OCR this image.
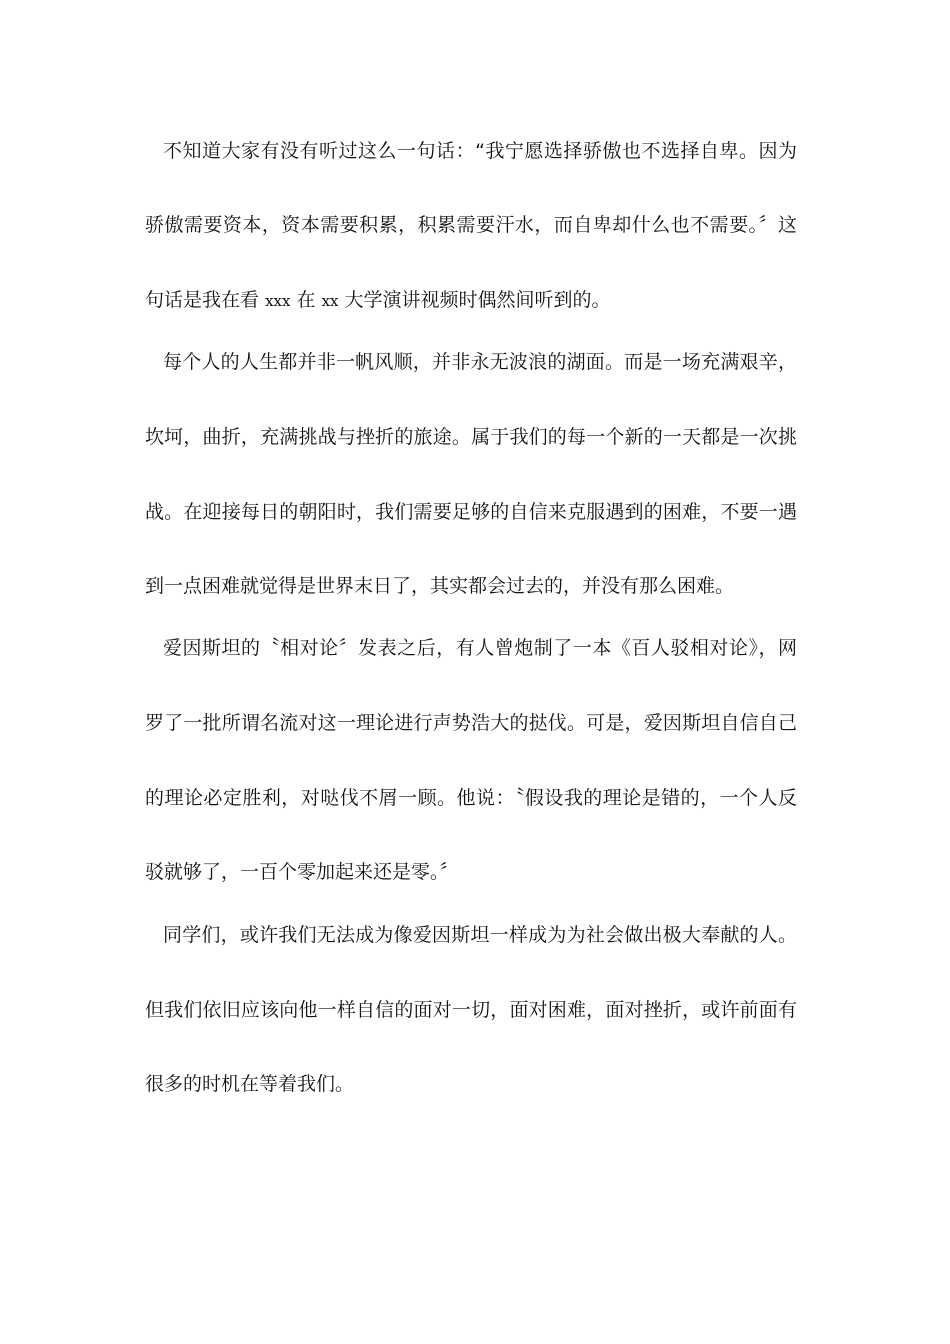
不知道大家有没有听过这么一句话：“我宁愿选择骄傲也不选择自卑。因为
骄傲需要资本，资本需要积累，积累需要汗水，而自卑却什么也不需要。〞这
句话是我在看 xxx 在 xx 大学演讲视频时偶然间听到的。
每个人的人生都并非一帆风顺，并非永无波浪的湖面。而是一场充满艰辛，
坎坷，曲折，充满挑战与挫折的旅途。属于我们的每一个新的一天都是一次挑
战。在迎接每日的朝阳时，我们需要足够的自信来克服遇到的困难，不要一遇
到一点困难就觉得是世界末日了，其实都会过去的，并没有那么困难。
爱因斯坦的〝相对论〞发表之后，有人曾炮制了一本《百人驳相对论》，网
罗了一批所谓名流对这一理论进行声势浩大的挞伐。可是，爱因斯坦自信自己
的理论必定胜利，对哒伐不屑一顾。他说：〝假设我的理论是错的，一个人反
驳就够了，一百个零加起来还是零。〞
同学们，或许我们无法成为像爱因斯坦一样成为为社会做出极大奉献的人。
但我们依旧应该向他一样自信的面对一切，面对困难，面对挫折，或许前面有
很多的时机在等着我们。
